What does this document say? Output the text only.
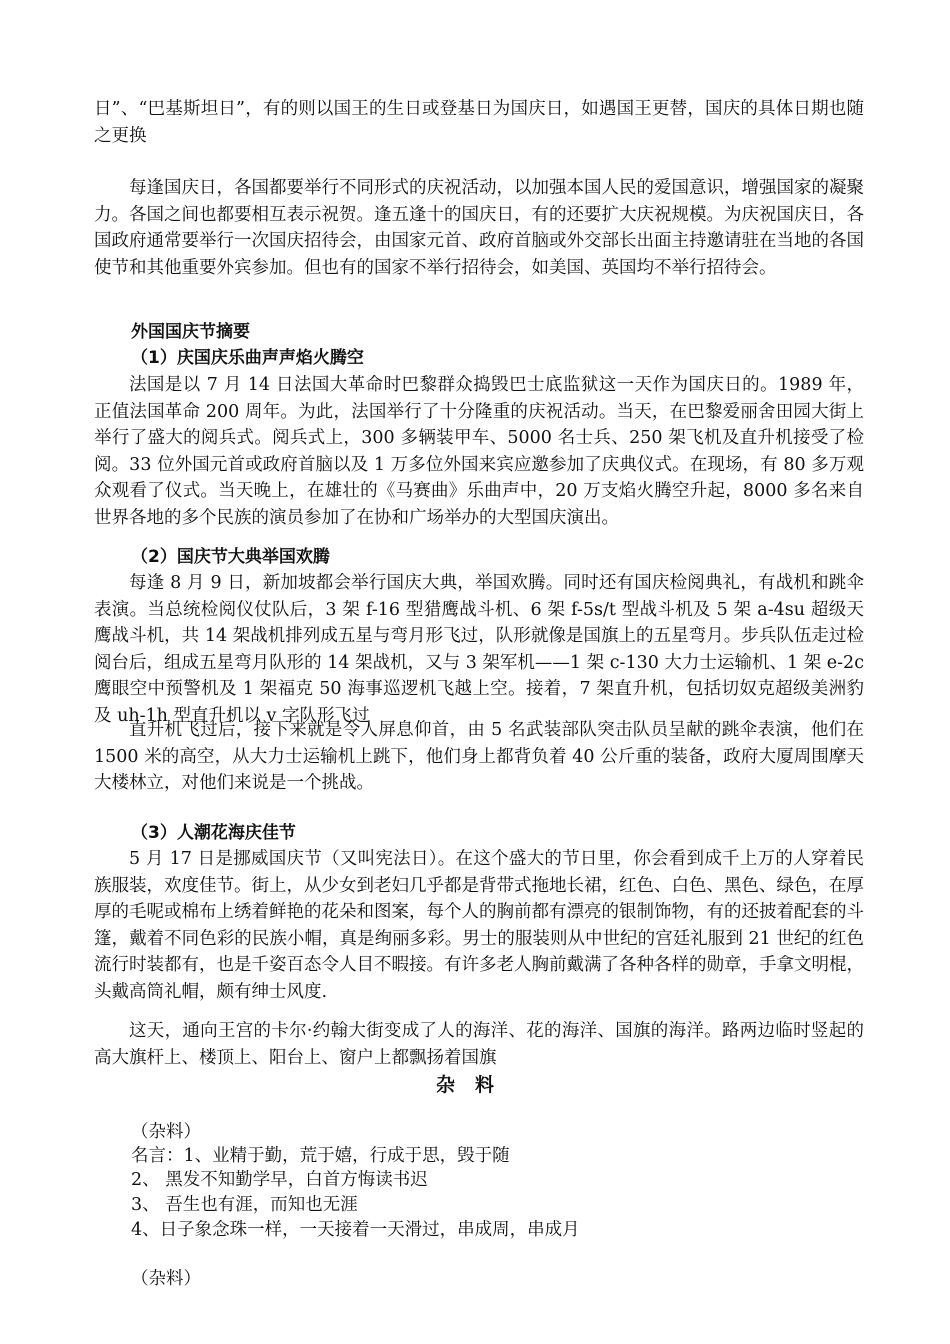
日”、“巴基斯坦日”，有的则以国王的生日或登基日为国庆日，如遇国王更替，国庆的具体日期也随之更换

每逢国庆日，各国都要举行不同形式的庆祝活动，以加强本国人民的爱国意识，增强国家的凝聚力。各国之间也都要相互表示祝贺。逢五逢十的国庆日，有的还要扩大庆祝规模。为庆祝国庆日，各国政府通常要举行一次国庆招待会，由国家元首、政府首脑或外交部长出面主持邀请驻在当地的各国使节和其他重要外宾参加。但也有的国家不举行招待会，如美国、英国均不举行招待会。

外国国庆节摘要
（1）庆国庆乐曲声声焰火腾空

法国是以 7 月 14 日法国大革命时巴黎群众捣毁巴士底监狱这一天作为国庆日的。1989 年，正值法国革命 200 周年。为此，法国举行了十分隆重的庆祝活动。当天，在巴黎爱丽舍田园大街上举行了盛大的阅兵式。阅兵式上，300 多辆装甲车、5000 名士兵、250 架飞机及直升机接受了检阅。33 位外国元首或政府首脑以及 1 万多位外国来宾应邀参加了庆典仪式。在现场，有 80 多万观众观看了仪式。当天晚上，在雄壮的《马赛曲》乐曲声中，20 万支焰火腾空升起，8000 多名来自世界各地的多个民族的演员参加了在协和广场举办的大型国庆演出。

（2）国庆节大典举国欢腾

每逢 8 月 9 日，新加坡都会举行国庆大典，举国欢腾。同时还有国庆检阅典礼，有战机和跳伞表演。当总统检阅仪仗队后，3 架 f-16 型猎鹰战斗机、6 架 f-5s/t 型战斗机及 5 架 a-4su 超级天鹰战斗机，共 14 架战机排列成五星与弯月形飞过，队形就像是国旗上的五星弯月。步兵队伍走过检阅台后，组成五星弯月队形的 14 架战机，又与 3 架军机——1 架 c-130 大力士运输机、1 架 e-2c 鹰眼空中预警机及 1 架福克 50 海事巡逻机飞越上空。接着，7 架直升机，包括切奴克超级美洲豹及 uh-1h 型直升机以 v 字队形飞过

直升机飞过后，接下来就是令人屏息仰首，由 5 名武装部队突击队员呈献的跳伞表演，他们在 1500 米的高空，从大力士运输机上跳下，他们身上都背负着 40 公斤重的装备，政府大厦周围摩天大楼林立，对他们来说是一个挑战。

（3）人潮花海庆佳节

5 月 17 日是挪威国庆节（又叫宪法日）。在这个盛大的节日里，你会看到成千上万的人穿着民族服装，欢度佳节。街上，从少女到老妇几乎都是背带式拖地长裙，红色、白色、黑色、绿色，在厚厚的毛呢或棉布上绣着鲜艳的花朵和图案，每个人的胸前都有漂亮的银制饰物，有的还披着配套的斗篷，戴着不同色彩的民族小帽，真是绚丽多彩。男士的服装则从中世纪的宫廷礼服到 21 世纪的红色流行时装都有，也是千姿百态令人目不暇接。有许多老人胸前戴满了各种各样的勋章，手拿文明棍，头戴高筒礼帽，颇有绅士风度.

这天，通向王宫的卡尔·约翰大街变成了人的海洋、花的海洋、国旗的海洋。路两边临时竖起的高大旗杆上、楼顶上、阳台上、窗户上都飘扬着国旗

杂料

（杂料）

名言：1、业精于勤，荒于嬉，行成于思，毁于随

2、 黑发不知勤学早，白首方悔读书迟

3、 吾生也有涯，而知也无涯

4、日子象念珠一样，一天接着一天滑过，串成周，串成月

（杂料）
